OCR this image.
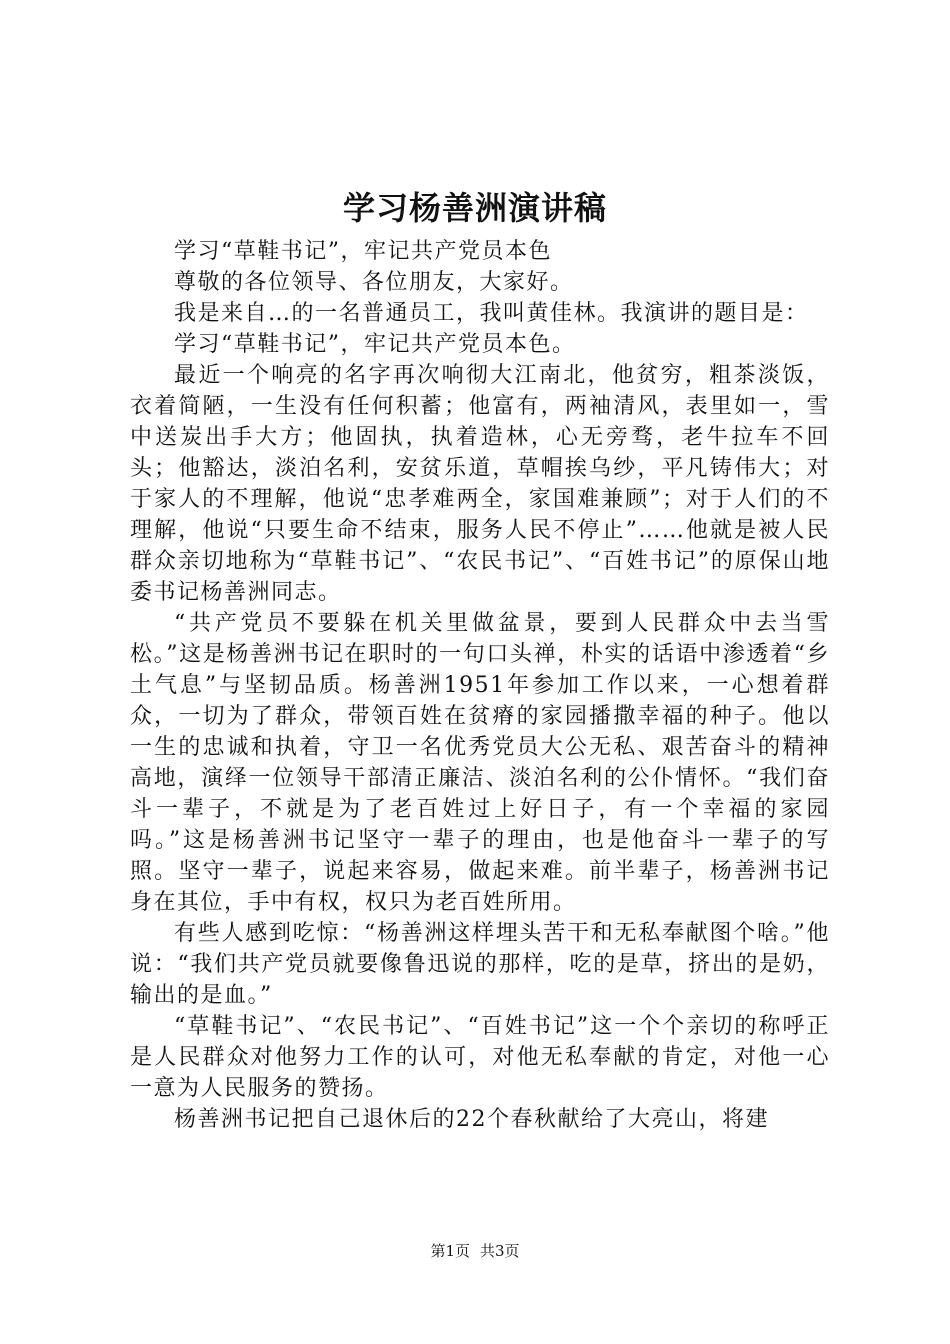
学习杨善洲演讲稿

学习“草鞋书记”，牢记共产党员本色

尊敬的各位领导、各位朋友，大家好。

我是来自…的一名普通员工，我叫黄佳林。我演讲的题目是：

学习“草鞋书记”，牢记共产党员本色。

最近一个响亮的名字再次响彻大江南北，他贫穷，粗茶淡饭，衣着简陋，一生没有任何积蓄；他富有，两袖清风，表里如一，雪中送炭出手大方；他固执，执着造林，心无旁骛，老牛拉车不回头；他豁达，淡泊名利，安贫乐道，草帽挨乌纱，平凡铸伟大；对于家人的不理解，他说“忠孝难两全，家国难兼顾”；对于人们的不理解，他说“只要生命不结束，服务人民不停止”……他就是被人民群众亲切地称为“草鞋书记”、“农民书记”、“百姓书记”的原保山地委书记杨善洲同志。

“共产党员不要躲在机关里做盆景，要到人民群众中去当雪松。”这是杨善洲书记在职时的一句口头禅，朴实的话语中渗透着“乡土气息”与坚韧品质。杨善洲1951年参加工作以来，一心想着群众，一切为了群众，带领百姓在贫瘠的家园播撒幸福的种子。他以一生的忠诚和执着，守卫一名优秀党员大公无私、艰苦奋斗的精神高地，演绎一位领导干部清正廉洁、淡泊名利的公仆情怀。“我们奋斗一辈子，不就是为了老百姓过上好日子，有一个幸福的家园吗。”这是杨善洲书记坚守一辈子的理由，也是他奋斗一辈子的写照。坚守一辈子，说起来容易，做起来难。前半辈子，杨善洲书记身在其位，手中有权，权只为老百姓所用。

有些人感到吃惊：“杨善洲这样埋头苦干和无私奉献图个啥。”他说：“我们共产党员就要像鲁迅说的那样，吃的是草，挤出的是奶，输出的是血。”

“草鞋书记”、“农民书记”、“百姓书记”这一个个亲切的称呼正是人民群众对他努力工作的认可，对他无私奉献的肯定，对他一心一意为人民服务的赞扬。

杨善洲书记把自己退休后的22个春秋献给了大亮山，将建

第1页 共3页
